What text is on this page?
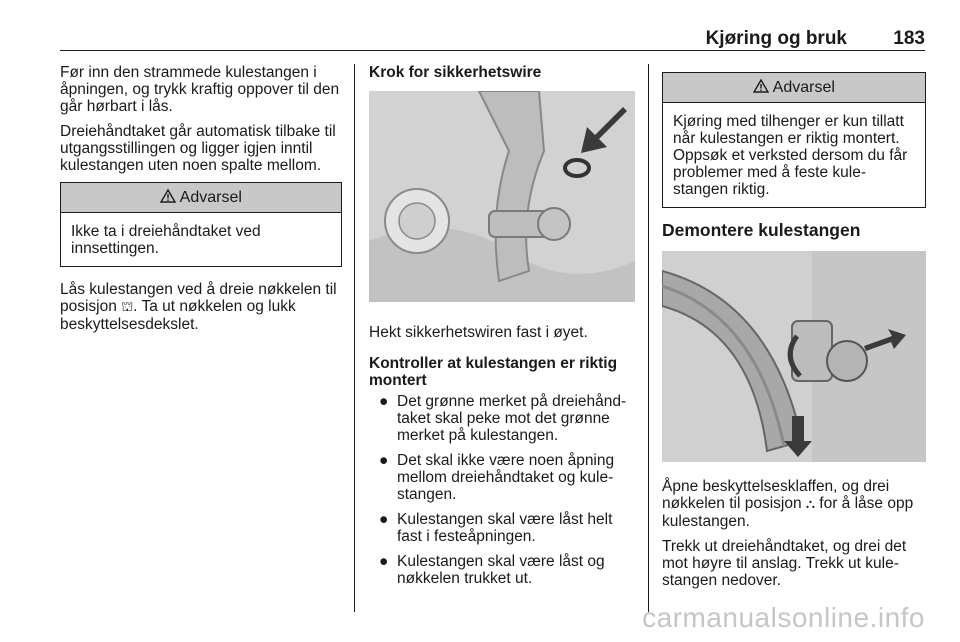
Kjøring og bruk 183

Før inn den strammede kulestangen i åpningen, og trykk kraftig oppover til den går hørbart i lås.

Dreiehåndtaket går automatisk tilbake til utgangsstillingen og ligger igjen inntil kulestangen uten noen spalte mellom.

Advarsel
Ikke ta i dreiehåndtaket ved innsettingen.

Lås kulestangen ved å dreie nøkkelen til posisjon ⛫. Ta ut nøkkelen og lukk beskyttelsesdekslet.

Krok for sikkerhetswire

Hekt sikkerhetswiren fast i øyet.

Kontroller at kulestangen er riktig montert
● Det grønne merket på dreiehåndtaket skal peke mot det grønne merket på kulestangen.
● Det skal ikke være noen åpning mellom dreiehåndtaket og kulestangen.
● Kulestangen skal være låst helt fast i festeåpningen.
● Kulestangen skal være låst og nøkkelen trukket ut.
Advarsel
Kjøring med tilhenger er kun tillatt når kulestangen er riktig montert. Oppsøk et verksted dersom du får problemer med å feste kulestangen riktig.
Demontere kulestangen

Åpne beskyttelsesklaffen, og drei nøkkelen til posisjon ⛬ for å låse opp kulestangen.

Trekk ut dreiehåndtaket, og drei det mot høyre til anslag. Trekk ut kulestangen nedover.

carmanualsonline.info
